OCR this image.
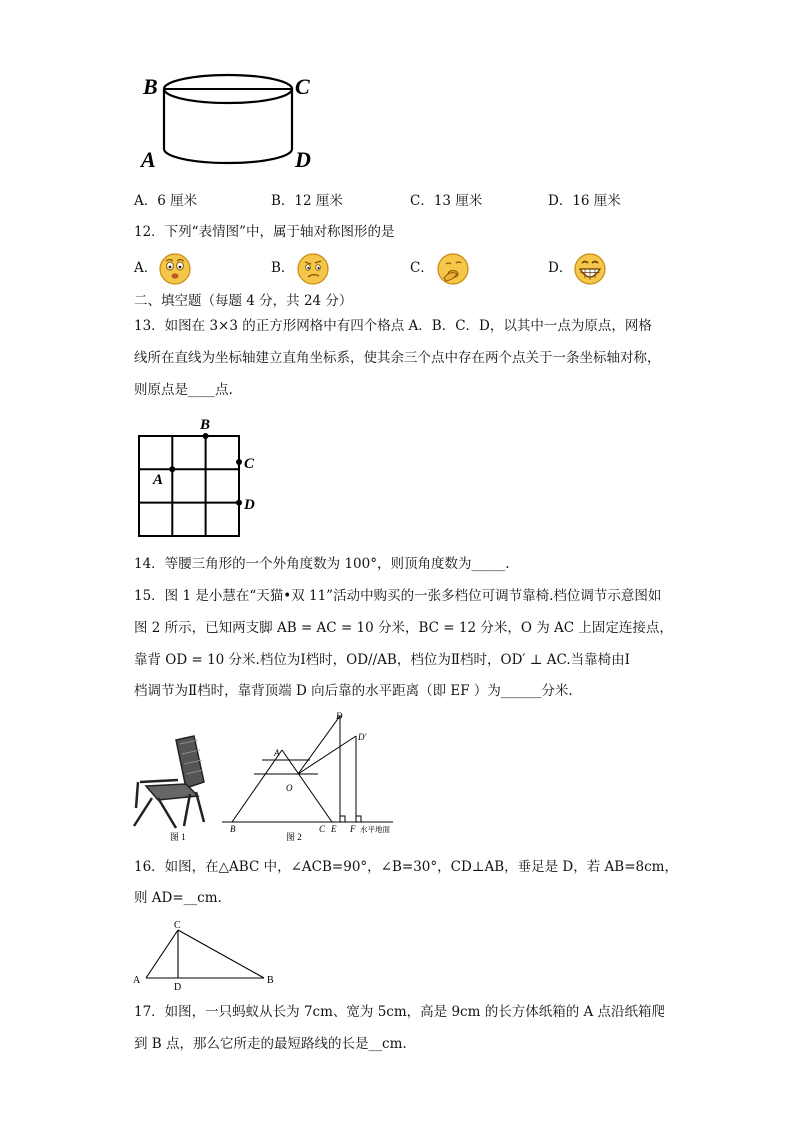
B	C
A	D
A．6 厘米	B．12 厘米	C．13 厘米	D．16 厘米
12．下列“表情图”中，属于轴对称图形的是
A．	B．	C．	D．
二、填空题（每题 4 分，共 24 分）
13．如图在 3×3 的正方形网格中有四个格点 A．B．C．D，以其中一点为原点，网格
线所在直线为坐标轴建立直角坐标系，使其余三个点中存在两个点关于一条坐标轴对称，
则原点是____点.
B
A
C
D
14．等腰三角形的一个外角度数为 100°，则顶角度数为_____.
15．图 1 是小慧在“天猫•双 11”活动中购买的一张多档位可调节靠椅.档位调节示意图如
图 2 所示，已知两支脚 AB = AC = 10 分米，BC = 12 分米，O 为 AC 上固定连接点，
靠背 OD = 10 分米.档位为Ⅰ档时，OD//AB，档位为Ⅱ档时，OD′ ⊥ AC.当靠椅由Ⅰ
档调节为Ⅱ档时，靠背顶端 D 向后靠的水平距离（即 EF ）为______分米.
图 1
D
D'
A
O
B	C E F 水平地面
图 2
16．如图，在△ABC 中，∠ACB=90°，∠B=30°，CD⊥AB，垂足是 D，若 AB=8cm，
则 AD=__cm.
C
A
D
B
17．如图，一只蚂蚁从长为 7cm、宽为 5cm，高是 9cm 的长方体纸箱的 A 点沿纸箱爬
到 B 点，那么它所走的最短路线的长是__cm.
